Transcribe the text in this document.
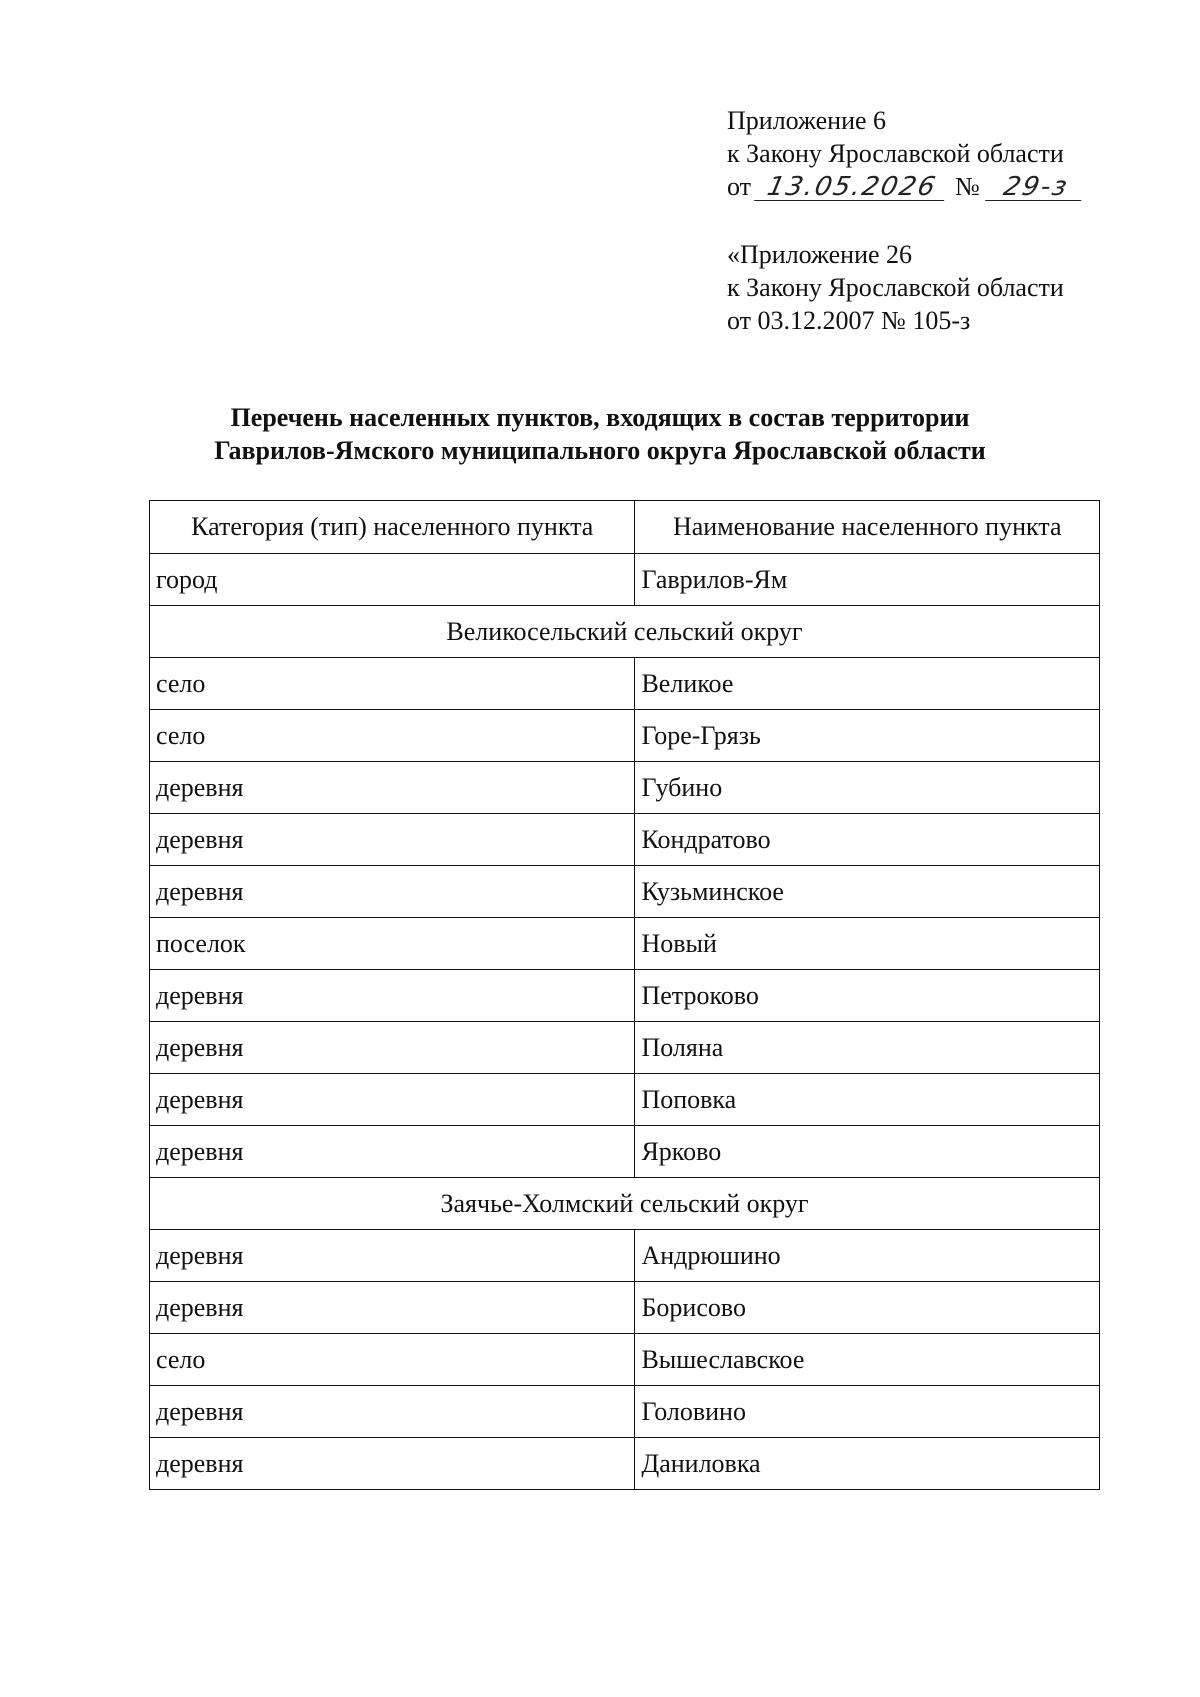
Приложение 6
к Закону Ярославской области
от 13.05.2026 № 29-з
«Приложение 26
к Закону Ярославской области
от 03.12.2007 № 105-з
Перечень населенных пунктов, входящих в состав территории
Гаврилов-Ямского муниципального округа Ярославской области
Категория (тип) населенного пункта	Наименование населенного пункта
город	Гаврилов-Ям
Великосельский сельский округ	
село	Великое
село	Горе-Грязь
деревня	Губино
деревня	Кондратово
деревня	Кузьминское
поселок	Новый
деревня	Петроково
деревня	Поляна
деревня	Поповка
деревня	Ярково
Заячье-Холмский сельский округ	
деревня	Андрюшино
деревня	Борисово
село	Вышеславское
деревня	Головино
деревня	Даниловка
